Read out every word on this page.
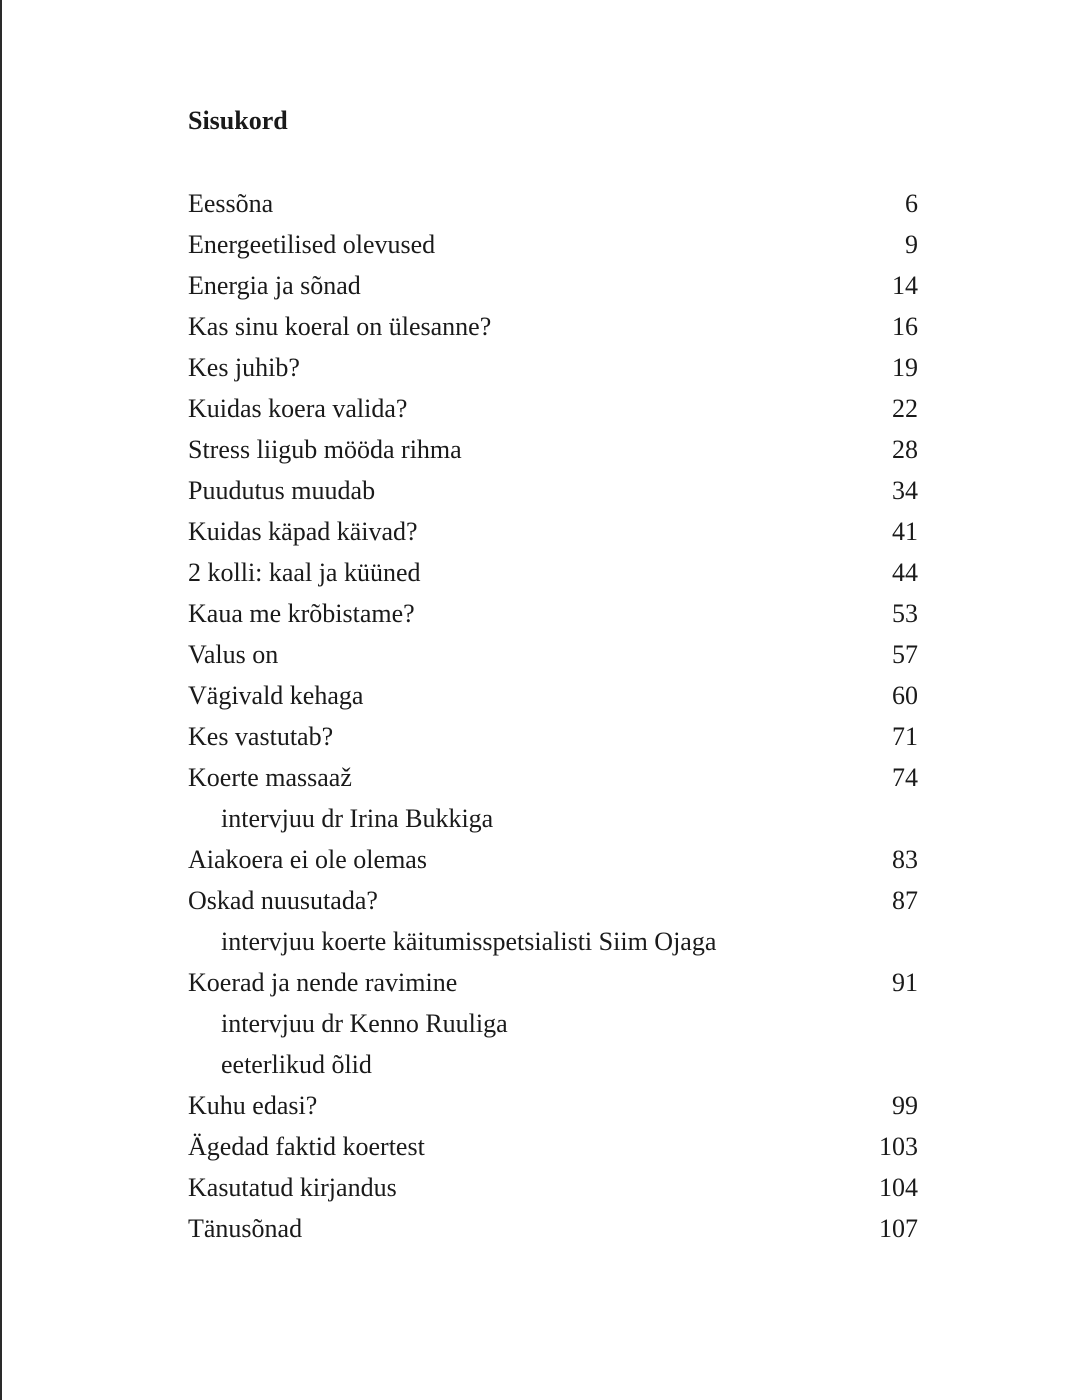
Sisukord
Eessõna	6
Energeetilised olevused	9
Energia ja sõnad	14
Kas sinu koeral on ülesanne?	16
Kes juhib?	19
Kuidas koera valida?	22
Stress liigub mööda rihma	28
Puudutus muudab	34
Kuidas käpad käivad?	41
2 kolli: kaal ja küüned	44
Kaua me krõbistame?	53
Valus on	57
Vägivald kehaga	60
Kes vastutab?	71
Koerte massaaž	74
intervjuu dr Irina Bukkiga
Aiakoera ei ole olemas	83
Oskad nuusutada?	87
intervjuu koerte käitumisspetsialisti Siim Ojaga
Koerad ja nende ravimine	91
intervjuu dr Kenno Ruuliga
eeterlikud õlid
Kuhu edasi?	99
Ägedad faktid koertest	103
Kasutatud kirjandus	104
Tänusõnad	107
